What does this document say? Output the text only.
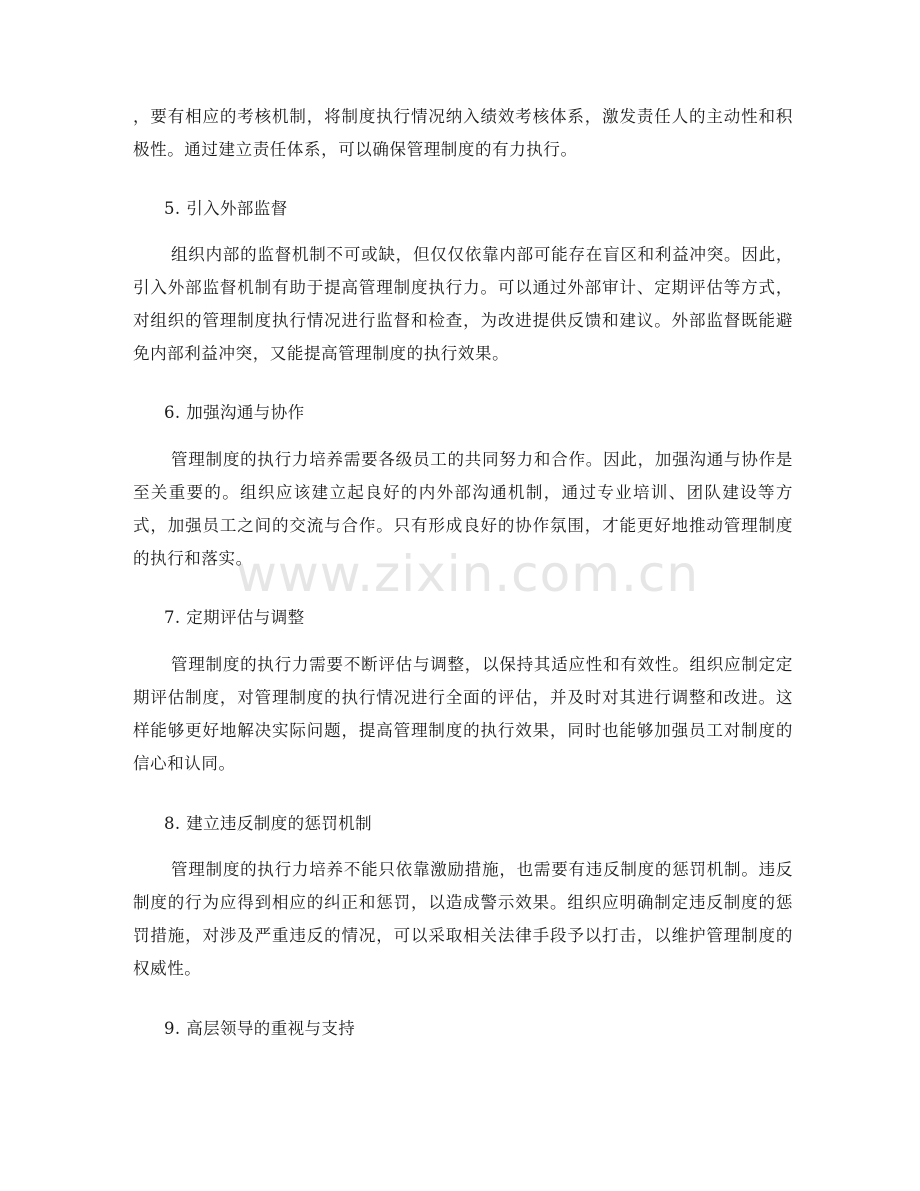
www.zixin.com.cn

，要有相应的考核机制，将制度执行情况纳入绩效考核体系，激发责任人的主动性和积极性。通过建立责任体系，可以确保管理制度的有力执行。

5. 引入外部监督

组织内部的监督机制不可或缺，但仅仅依靠内部可能存在盲区和利益冲突。因此，引入外部监督机制有助于提高管理制度执行力。可以通过外部审计、定期评估等方式，对组织的管理制度执行情况进行监督和检查，为改进提供反馈和建议。外部监督既能避免内部利益冲突，又能提高管理制度的执行效果。

6. 加强沟通与协作

管理制度的执行力培养需要各级员工的共同努力和合作。因此，加强沟通与协作是至关重要的。组织应该建立起良好的内外部沟通机制，通过专业培训、团队建设等方式，加强员工之间的交流与合作。只有形成良好的协作氛围，才能更好地推动管理制度的执行和落实。

7. 定期评估与调整

管理制度的执行力需要不断评估与调整，以保持其适应性和有效性。组织应制定定期评估制度，对管理制度的执行情况进行全面的评估，并及时对其进行调整和改进。这样能够更好地解决实际问题，提高管理制度的执行效果，同时也能够加强员工对制度的信心和认同。

8. 建立违反制度的惩罚机制

管理制度的执行力培养不能只依靠激励措施，也需要有违反制度的惩罚机制。违反制度的行为应得到相应的纠正和惩罚，以造成警示效果。组织应明确制定违反制度的惩罚措施，对涉及严重违反的情况，可以采取相关法律手段予以打击，以维护管理制度的权威性。

9. 高层领导的重视与支持
